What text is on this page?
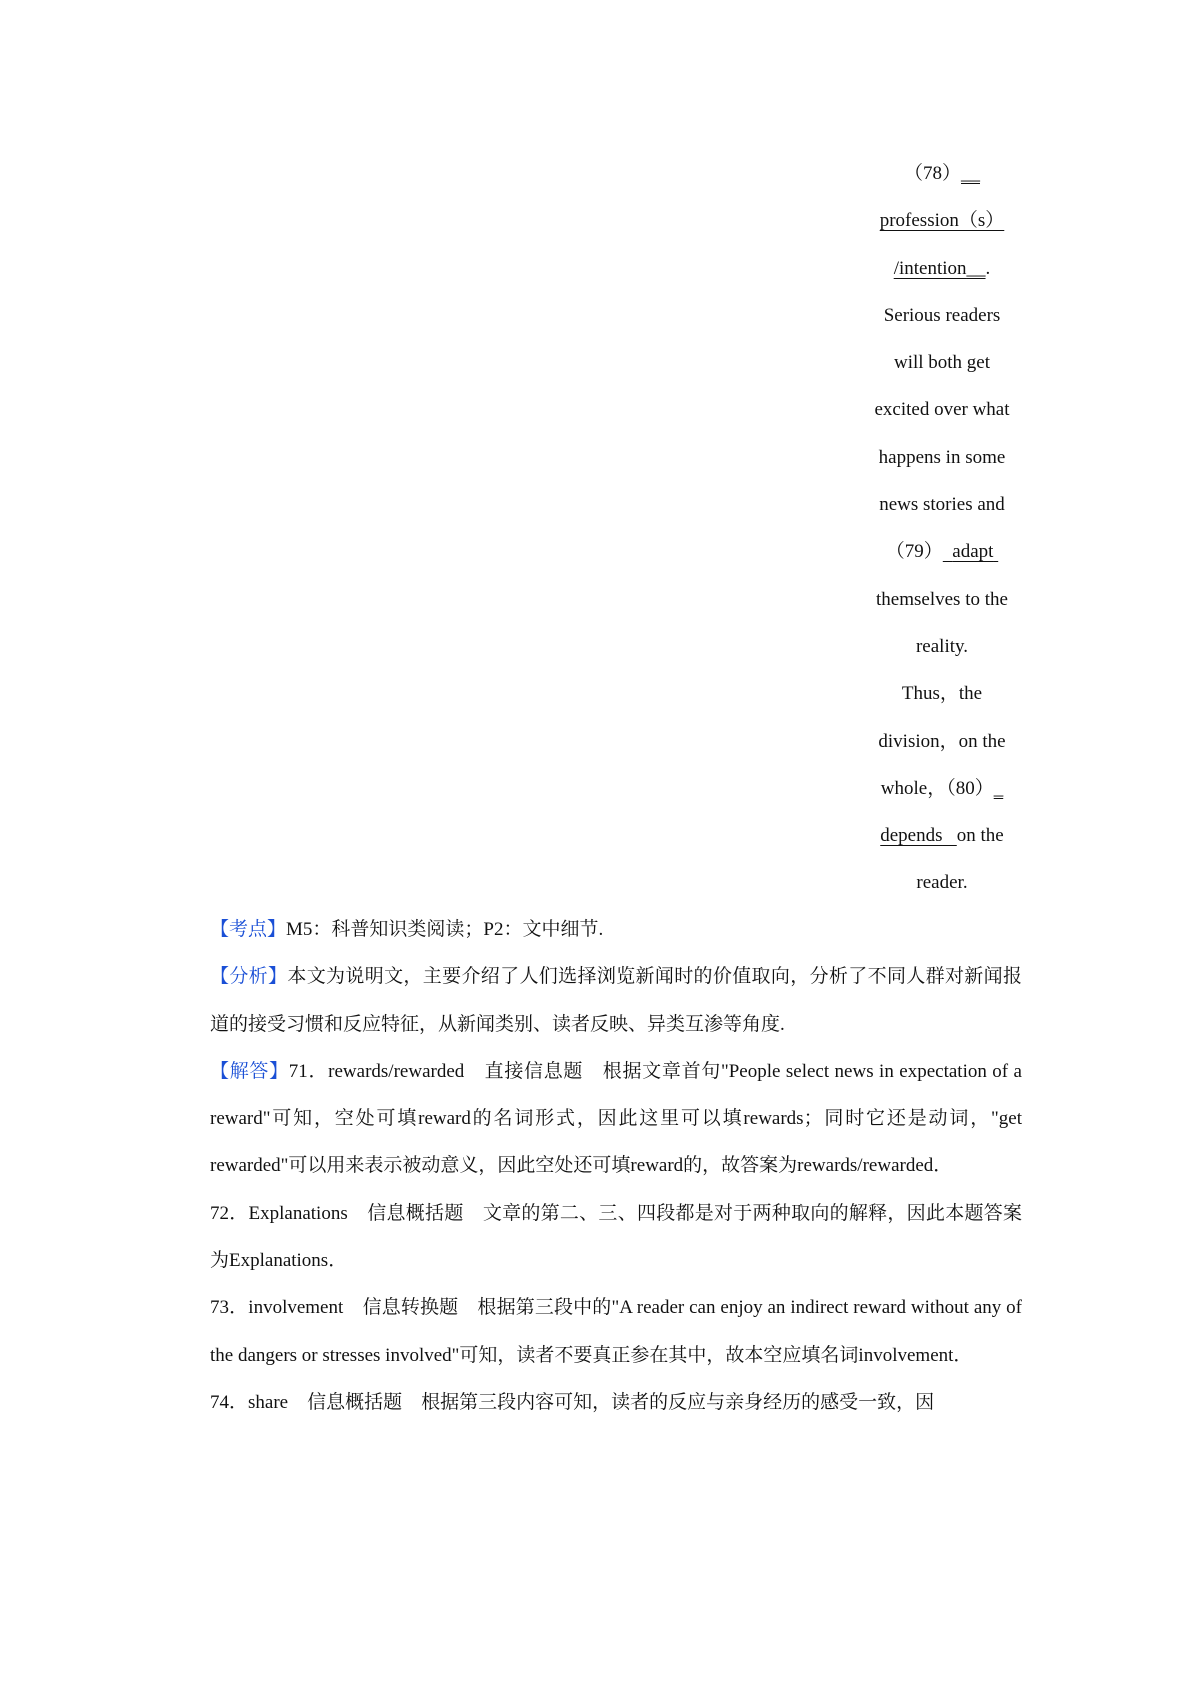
（78）__
profession（s）
/intention__.
Serious readers
will both get
excited over what
happens in some
news stories and
（79） adapt
themselves to the
reality.
Thus，the
division，on the
whole，（80）_
depends on the
reader.

【考点】M5：科普知识类阅读；P2：文中细节.

【分析】本文为说明文，主要介绍了人们选择浏览新闻时的价值取向，分析了不同人群对新闻报道的接受习惯和反应特征，从新闻类别、读者反映、异类互渗等角度.

【解答】71．rewards/rewarded　直接信息题　根据文章首句"People select news in expectation of a reward"可知，空处可填reward的名词形式，因此这里可以填rewards；同时它还是动词，"get rewarded"可以用来表示被动意义，因此空处还可填reward的，故答案为rewards/rewarded．

72．Explanations　信息概括题　文章的第二、三、四段都是对于两种取向的解释，因此本题答案为Explanations．

73．involvement　信息转换题　根据第三段中的"A reader can enjoy an indirect reward without any of the dangers or stresses involved"可知，读者不要真正参在其中，故本空应填名词involvement．

74．share　信息概括题　根据第三段内容可知，读者的反应与亲身经历的感受一致，因
